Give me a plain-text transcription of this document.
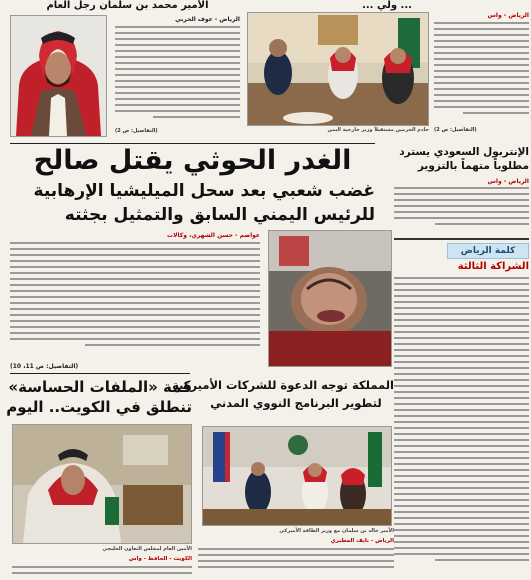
الأمير محمد بن سلمان رجل العام
الرياض - عوف الحربي
(التفاصيل: ص 2)
... ولي ...
الرياض - واس
خادم الحرمين مستقبلاً وزير خارجية اليمن (التفاصيل: ص 2)
الغدر الحوثي يقتل صالح
غضب شعبي بعد سحل الميليشيا الإرهابية
للرئيس اليمني السابق والتمثيل بجثته
عواصم - حسن الشهري، وكالات
(التفاصيل: ص 11، 10)
الإنتربول السعودي يسترد
مطلوباً متهماً بالتزوير
الرياض - واس
كلمة الرياض
الشراكة الثالثة
قمة «الملفات الحساسة»
تنطلق في الكويت.. اليوم
الأمين العام لمجلس التعاون الخليجي
الكويت - الحافظ - واس
المملكة توجه الدعوة للشركات الأميركية
لتطوير البرنامج النووي المدني
الأمير خالد بن سلمان مع وزير الطاقة الأميركي
الرياض - نايف المطيري
